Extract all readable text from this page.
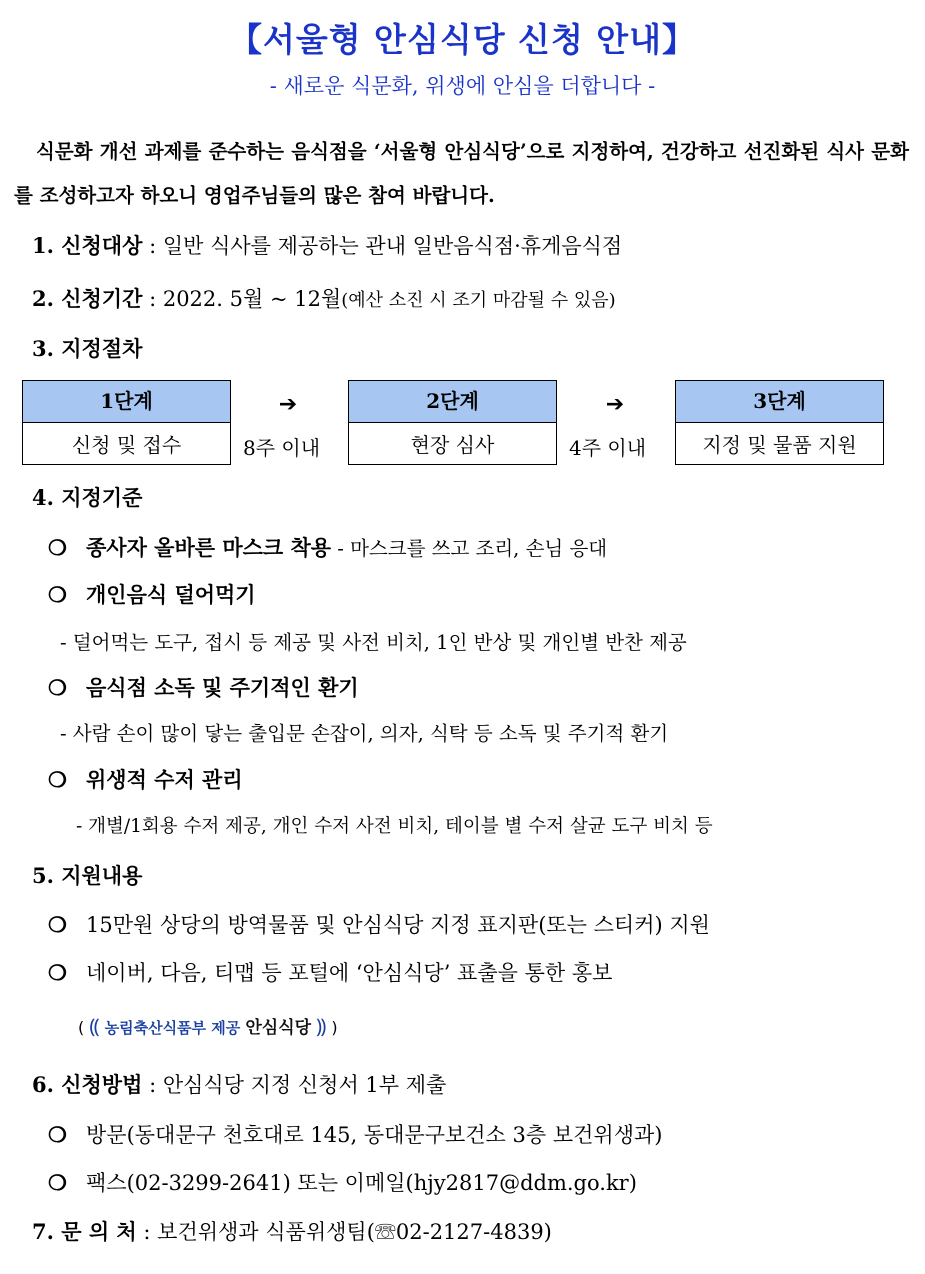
【서울형 안심식당 신청 안내】
- 새로운 식문화, 위생에 안심을 더합니다 -
식문화 개선 과제를 준수하는 음식점을 ‘서울형 안심식당’으로 지정하여, 건강하고 선진화된 식사 문화를 조성하고자 하오니 영업주님들의 많은 참여 바랍니다.
1. 신청대상 : 일반 식사를 제공하는 관내 일반음식점·휴게음식점
2. 신청기간 : 2022. 5월 ~ 12월(예산 소진 시 조기 마감될 수 있음)
3. 지정절차
1단계
신청 및 접수
➔
8주 이내
2단계
현장 심사
➔
4주 이내
3단계
지정 및 물품 지원
4. 지정기준
❍ 종사자 올바른 마스크 착용 - 마스크를 쓰고 조리, 손님 응대
❍ 개인음식 덜어먹기
- 덜어먹는 도구, 접시 등 제공 및 사전 비치, 1인 반상 및 개인별 반찬 제공
❍ 음식점 소독 및 주기적인 환기
- 사람 손이 많이 닿는 출입문 손잡이, 의자, 식탁 등 소독 및 주기적 환기
❍ 위생적 수저 관리
- 개별/1회용 수저 제공, 개인 수저 사전 비치, 테이블 별 수저 살균 도구 비치 등
5. 지원내용
❍ 15만원 상당의 방역물품 및 안심식당 지정 표지판(또는 스티커) 지원
❍ 네이버, 다음, 티맵 등 포털에 ‘안심식당’ 표출을 통한 홍보
( ⸨ 농림축산식품부 제공 안심식당 ⸩ )
6. 신청방법 : 안심식당 지정 신청서 1부 제출
❍ 방문(동대문구 천호대로 145, 동대문구보건소 3층 보건위생과)
❍ 팩스(02-3299-2641) 또는 이메일(hjy2817@ddm.go.kr)
7. 문 의 처 : 보건위생과 식품위생팀(☏02-2127-4839)
